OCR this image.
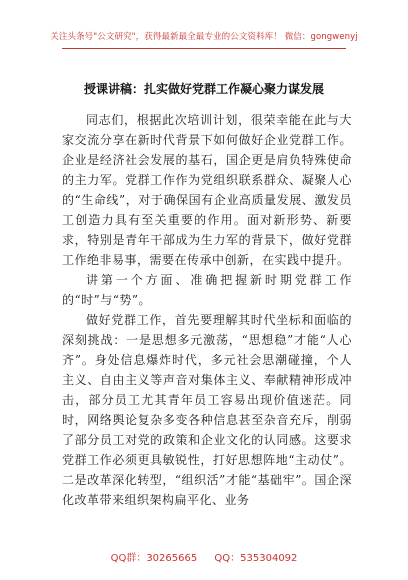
关注头条号"公文研究"，获得最新最全最专业的公文资料库！ 微信：gongwenyj
授课讲稿：扎实做好党群工作凝心聚力谋发展

同志们，根据此次培训计划，很荣幸能在此与大家交流分享在新时代背景下如何做好企业党群工作。企业是经济社会发展的基石，国企更是肩负特殊使命的主力军。党群工作作为党组织联系群众、凝聚人心的“生命线”，对于确保国有企业高质量发展、激发员工创造力具有至关重要的作用。面对新形势、新要求，特别是青年干部成为生力军的背景下，做好党群工作绝非易事，需要在传承中创新，在实践中提升。

讲第一个方面、准确把握新时期党群工作的“时”与“势”。

做好党群工作，首先要理解其时代坐标和面临的深刻挑战：一是思想多元激荡，“思想稳”才能“人心齐”。身处信息爆炸时代，多元社会思潮碰撞，个人主义、自由主义等声音对集体主义、奉献精神形成冲击，部分员工尤其青年员工容易出现价值迷茫。同时，网络舆论复杂多变各种信息甚至杂音充斥，削弱了部分员工对党的政策和企业文化的认同感。这要求党群工作必须更具敏锐性，打好思想阵地“主动仗”。二是改革深化转型，“组织活”才能“基础牢”。国企深化改革带来组织架构扁平化、业务

QQ群：30265665 QQ：535304092
